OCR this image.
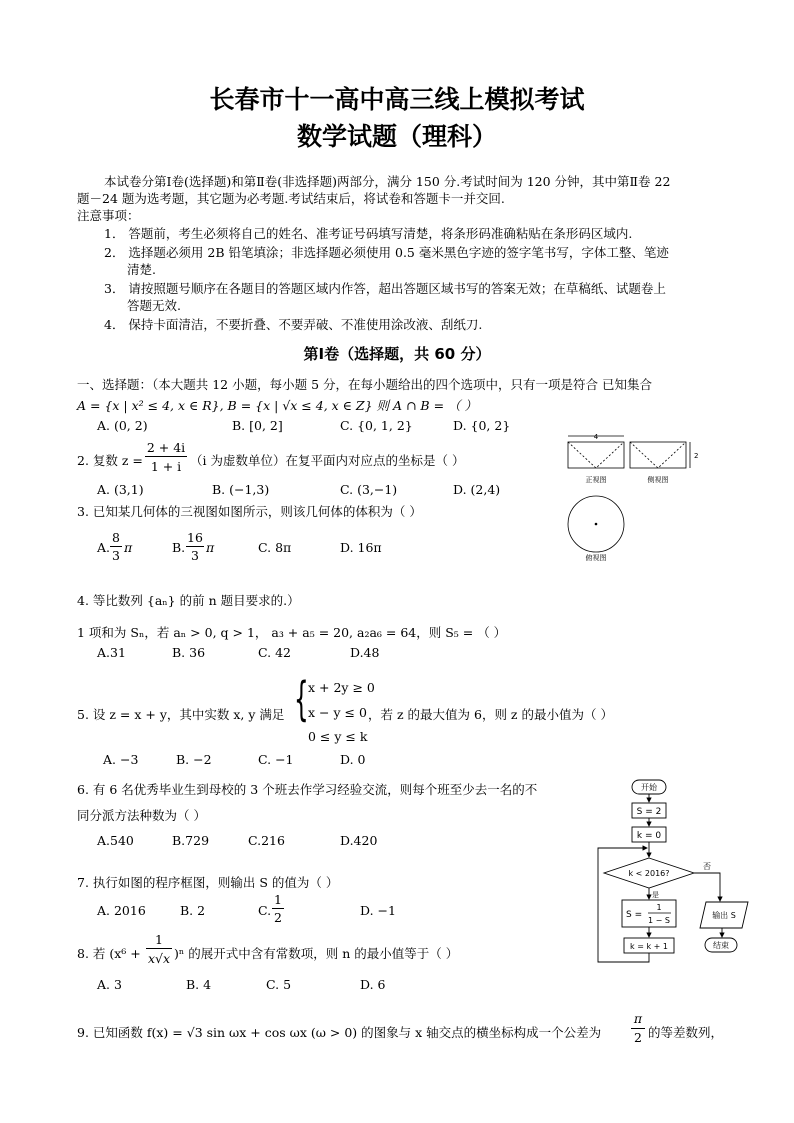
长春市十一高中高三线上模拟考试
数学试题（理科）
本试卷分第Ⅰ卷(选择题)和第Ⅱ卷(非选择题)两部分，满分 150 分.考试时间为 120 分钟，其中第Ⅱ卷 22
题－24 题为选考题，其它题为必考题.考试结束后，将试卷和答题卡一并交回.
注意事项：
1． 答题前，考生必须将自己的姓名、准考证号码填写清楚，将条形码准确粘贴在条形码区域内.
2． 选择题必须用 2B 铅笔填涂；非选择题必须使用 0.5 毫米黑色字迹的签字笔书写，字体工整、笔迹
清楚.
3． 请按照题号顺序在各题目的答题区域内作答，超出答题区域书写的答案无效；在草稿纸、试题卷上
答题无效.
4． 保持卡面清洁，不要折叠、不要弄破、不准使用涂改液、刮纸刀.
第Ⅰ卷（选择题，共 60 分）
一、选择题：（本大题共 12 小题，每小题 5 分，在每小题给出的四个选项中，只有一项是符合 已知集合
A = {x | x² ≤ 4, x ∈ R}, B = {x | √x ≤ 4, x ∈ Z} 则 A ∩ B = （ ）
A. (0, 2)	B. [0, 2]	C. {0, 1, 2}	D. {0, 2}
2. 复数 z =
2 + 4i
1 + i （i 为虚数单位）在复平面内对应点的坐标是（ ）
A. (3,1)	B. (−1,3)	C. (3,−1)	D. (2,4)
3. 已知某几何体的三视图如图所示，则该几何体的体积为（ ）
A.
8
3
π	B.
16
3
π	C. 8π	D. 16π
4
2
正视图	侧视图
俯视图
4. 等比数列 {aₙ} 的前 n 题目要求的.）
1 项和为 Sₙ，若 aₙ > 0, q > 1， a₃ + a₅ = 20, a₂a₆ = 64，则 S₅ = （ ）
A.31	B. 36	C. 42	D.48
5. 设 z = x + y，其中实数 x, y 满足 { x + 2y ≥ 0
x − y ≤ 0
0 ≤ y ≤ k
，若 z 的最大值为 6，则 z 的最小值为（ ）
A. −3	B. −2	C. −1	D. 0
6. 有 6 名优秀毕业生到母校的 3 个班去作学习经验交流，则每个班至少去一名的不
同分派方法种数为（ ）
A.540	B.729	C.216	D.420
7. 执行如图的程序框图，则输出 S 的值为（ ）
A. 2016	B. 2	C.
1
2	D. −1
开始
S = 2
k = 0
k < 2016?
否
是
S =
1
1 − S
输出 S
k = k + 1	结束
8. 若 (x⁶ +
1
x√x )ⁿ 的展开式中含有常数项，则 n 的最小值等于（ ）
A. 3	B. 4	C. 5	D. 6
9. 已知函数 f(x) = √3 sin ωx + cos ωx (ω > 0) 的图象与 x 轴交点的横坐标构成一个公差为
π
2 的等差数列，
